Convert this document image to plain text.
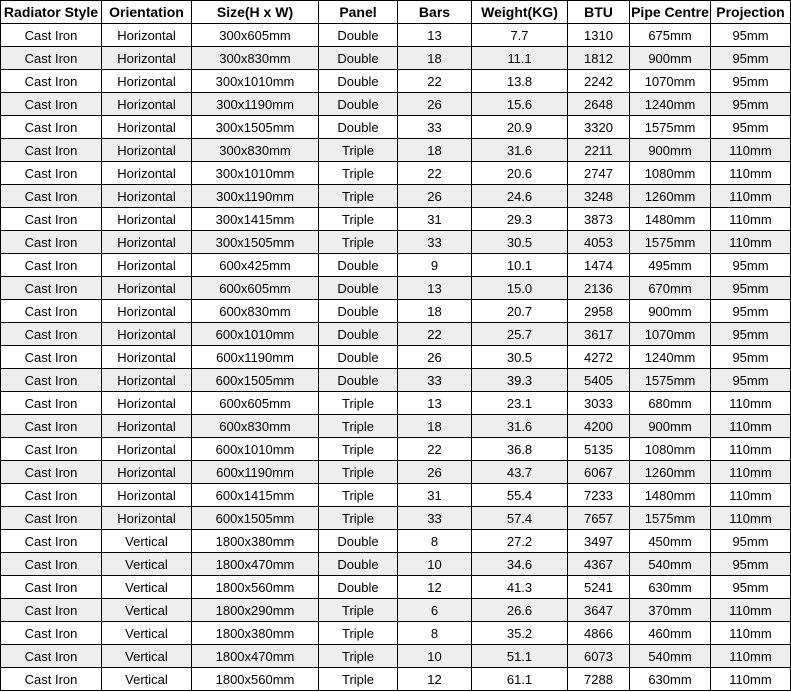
Radiator Style	Orientation	Size(H x W)	Panel	Bars	Weight(KG)	BTU	Pipe Centre	Projection
Cast Iron	Horizontal	300x605mm	Double	13	7.7	1310	675mm	95mm
Cast Iron	Horizontal	300x830mm	Double	18	11.1	1812	900mm	95mm
Cast Iron	Horizontal	300x1010mm	Double	22	13.8	2242	1070mm	95mm
Cast Iron	Horizontal	300x1190mm	Double	26	15.6	2648	1240mm	95mm
Cast Iron	Horizontal	300x1505mm	Double	33	20.9	3320	1575mm	95mm
Cast Iron	Horizontal	300x830mm	Triple	18	31.6	2211	900mm	110mm
Cast Iron	Horizontal	300x1010mm	Triple	22	20.6	2747	1080mm	110mm
Cast Iron	Horizontal	300x1190mm	Triple	26	24.6	3248	1260mm	110mm
Cast Iron	Horizontal	300x1415mm	Triple	31	29.3	3873	1480mm	110mm
Cast Iron	Horizontal	300x1505mm	Triple	33	30.5	4053	1575mm	110mm
Cast Iron	Horizontal	600x425mm	Double	9	10.1	1474	495mm	95mm
Cast Iron	Horizontal	600x605mm	Double	13	15.0	2136	670mm	95mm
Cast Iron	Horizontal	600x830mm	Double	18	20.7	2958	900mm	95mm
Cast Iron	Horizontal	600x1010mm	Double	22	25.7	3617	1070mm	95mm
Cast Iron	Horizontal	600x1190mm	Double	26	30.5	4272	1240mm	95mm
Cast Iron	Horizontal	600x1505mm	Double	33	39.3	5405	1575mm	95mm
Cast Iron	Horizontal	600x605mm	Triple	13	23.1	3033	680mm	110mm
Cast Iron	Horizontal	600x830mm	Triple	18	31.6	4200	900mm	110mm
Cast Iron	Horizontal	600x1010mm	Triple	22	36.8	5135	1080mm	110mm
Cast Iron	Horizontal	600x1190mm	Triple	26	43.7	6067	1260mm	110mm
Cast Iron	Horizontal	600x1415mm	Triple	31	55.4	7233	1480mm	110mm
Cast Iron	Horizontal	600x1505mm	Triple	33	57.4	7657	1575mm	110mm
Cast Iron	Vertical	1800x380mm	Double	8	27.2	3497	450mm	95mm
Cast Iron	Vertical	1800x470mm	Double	10	34.6	4367	540mm	95mm
Cast Iron	Vertical	1800x560mm	Double	12	41.3	5241	630mm	95mm
Cast Iron	Vertical	1800x290mm	Triple	6	26.6	3647	370mm	110mm
Cast Iron	Vertical	1800x380mm	Triple	8	35.2	4866	460mm	110mm
Cast Iron	Vertical	1800x470mm	Triple	10	51.1	6073	540mm	110mm
Cast Iron	Vertical	1800x560mm	Triple	12	61.1	7288	630mm	110mm
